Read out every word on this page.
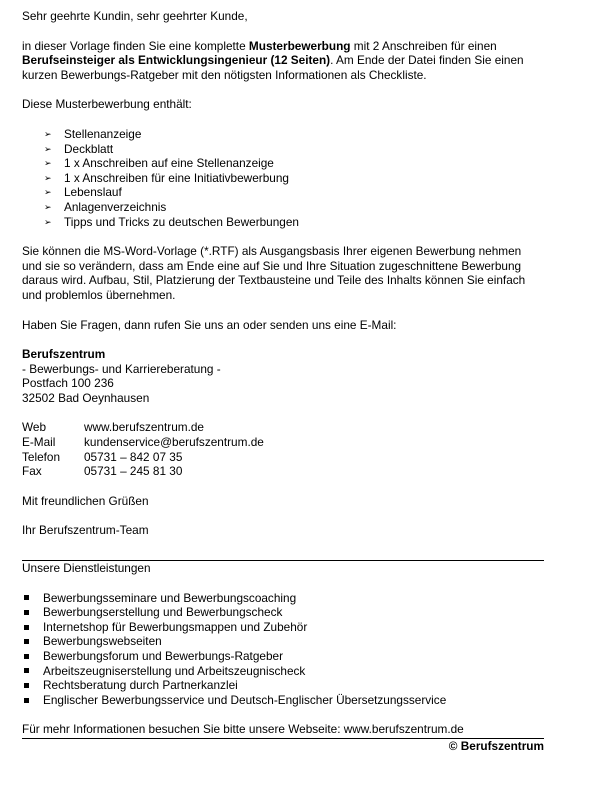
Sehr geehrte Kundin, sehr geehrter Kunde,

in dieser Vorlage finden Sie eine komplette Musterbewerbung mit 2 Anschreiben für einen Berufseinsteiger als Entwicklungsingenieur (12 Seiten). Am Ende der Datei finden Sie einen kurzen Bewerbungs-Ratgeber mit den nötigsten Informationen als Checkliste.

Diese Musterbewerbung enthält:

➢	Stellenanzeige
➢	Deckblatt
➢	1 x Anschreiben auf eine Stellenanzeige
➢	1 x Anschreiben für eine Initiativbewerbung
➢	Lebenslauf
➢	Anlagenverzeichnis
➢	Tipps und Tricks zu deutschen Bewerbungen

Sie können die MS-Word-Vorlage (*.RTF) als Ausgangsbasis Ihrer eigenen Bewerbung nehmen und sie so verändern, dass am Ende eine auf Sie und Ihre Situation zugeschnittene Bewerbung daraus wird. Aufbau, Stil, Platzierung der Textbausteine und Teile des Inhalts können Sie einfach und problemlos übernehmen.

Haben Sie Fragen, dann rufen Sie uns an oder senden uns eine E-Mail:

Berufszentrum

- Bewerbungs- und Karriereberatung -

Postfach 100 236

32502 Bad Oeynhausen

Web	www.berufszentrum.de
E-Mail	kundenservice@berufszentrum.de
Telefon	05731 – 842 07 35
Fax	05731 – 245 81 30

Mit freundlichen Grüßen

Ihr Berufszentrum-Team

Unsere Dienstleistungen

Bewerbungsseminare und Bewerbungscoaching
Bewerbungserstellung und Bewerbungscheck
Internetshop für Bewerbungsmappen und Zubehör
Bewerbungswebseiten
Bewerbungsforum und Bewerbungs-Ratgeber
Arbeitszeugniserstellung und Arbeitszeugnischeck
Rechtsberatung durch Partnerkanzlei
Englischer Bewerbungsservice und Deutsch-Englischer Übersetzungsservice

Für mehr Informationen besuchen Sie bitte unsere Webseite: www.berufszentrum.de

© Berufszentrum
